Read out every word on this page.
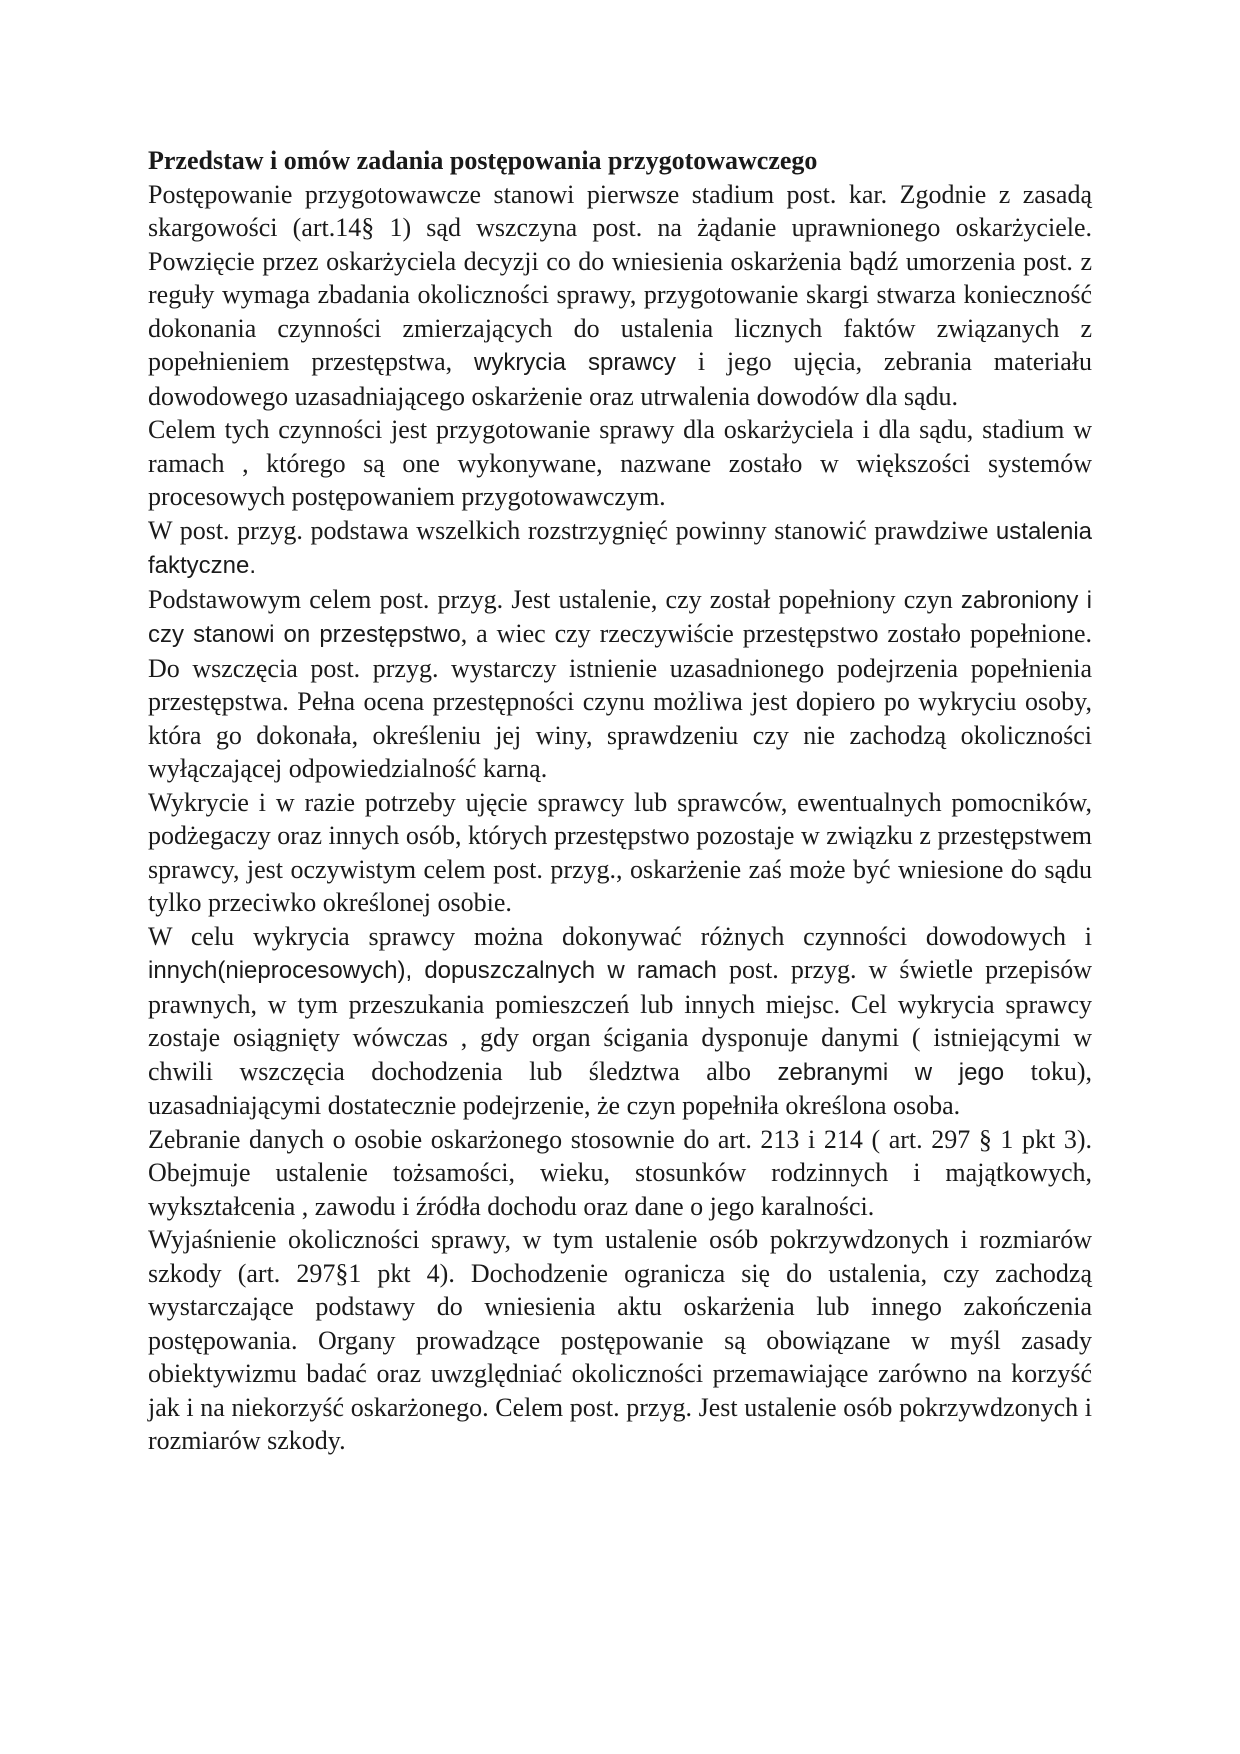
Przedstaw i omów zadania postępowania przygotowawczego

Postępowanie przygotowawcze stanowi pierwsze stadium post. kar. Zgodnie z zasadą skargowości (art.14§ 1) sąd wszczyna post. na żądanie uprawnionego oskarżyciele. Powzięcie przez oskarżyciela decyzji co do wniesienia oskarżenia bądź umorzenia post. z reguły wymaga zbadania okoliczności sprawy, przygotowanie skargi stwarza konieczność dokonania czynności zmierzających do ustalenia licznych faktów związanych z popełnieniem przestępstwa, wykrycia sprawcy i jego ujęcia, zebrania materiału dowodowego uzasadniającego oskarżenie oraz utrwalenia dowodów dla sądu.

Celem tych czynności jest przygotowanie sprawy dla oskarżyciela i dla sądu, stadium w ramach , którego są one wykonywane, nazwane zostało w większości systemów procesowych postępowaniem przygotowawczym.

W post. przyg. podstawa wszelkich rozstrzygnięć powinny stanowić prawdziwe ustalenia faktyczne.

Podstawowym celem post. przyg. Jest ustalenie, czy został popełniony czyn zabroniony i czy stanowi on przestępstwo, a wiec czy rzeczywiście przestępstwo zostało popełnione. Do wszczęcia post. przyg. wystarczy istnienie uzasadnionego podejrzenia popełnienia przestępstwa. Pełna ocena przestępności czynu możliwa jest dopiero po wykryciu osoby, która go dokonała, określeniu jej winy, sprawdzeniu czy nie zachodzą okoliczności wyłączającej odpowiedzialność karną.

Wykrycie i w razie potrzeby ujęcie sprawcy lub sprawców, ewentualnych pomocników, podżegaczy oraz innych osób, których przestępstwo pozostaje w związku z przestępstwem sprawcy, jest oczywistym celem post. przyg., oskarżenie zaś może być wniesione do sądu tylko przeciwko określonej osobie.

W celu wykrycia sprawcy można dokonywać różnych czynności dowodowych i innych(nieprocesowych), dopuszczalnych w ramach post. przyg. w świetle przepisów prawnych, w tym przeszukania pomieszczeń lub innych miejsc. Cel wykrycia sprawcy zostaje osiągnięty wówczas , gdy organ ścigania dysponuje danymi ( istniejącymi w chwili wszczęcia dochodzenia lub śledztwa albo zebranymi w jego toku), uzasadniającymi dostatecznie podejrzenie, że czyn popełniła określona osoba.

Zebranie danych o osobie oskarżonego stosownie do art. 213 i 214 ( art. 297 § 1 pkt 3). Obejmuje ustalenie tożsamości, wieku, stosunków rodzinnych i majątkowych, wykształcenia , zawodu i źródła dochodu oraz dane o jego karalności.

Wyjaśnienie okoliczności sprawy, w tym ustalenie osób pokrzywdzonych i rozmiarów szkody (art. 297§1 pkt 4). Dochodzenie ogranicza się do ustalenia, czy zachodzą wystarczające podstawy do wniesienia aktu oskarżenia lub innego zakończenia postępowania. Organy prowadzące postępowanie są obowiązane w myśl zasady obiektywizmu badać oraz uwzględniać okoliczności przemawiające zarówno na korzyść jak i na niekorzyść oskarżonego. Celem post. przyg. Jest ustalenie osób pokrzywdzonych i rozmiarów szkody.
